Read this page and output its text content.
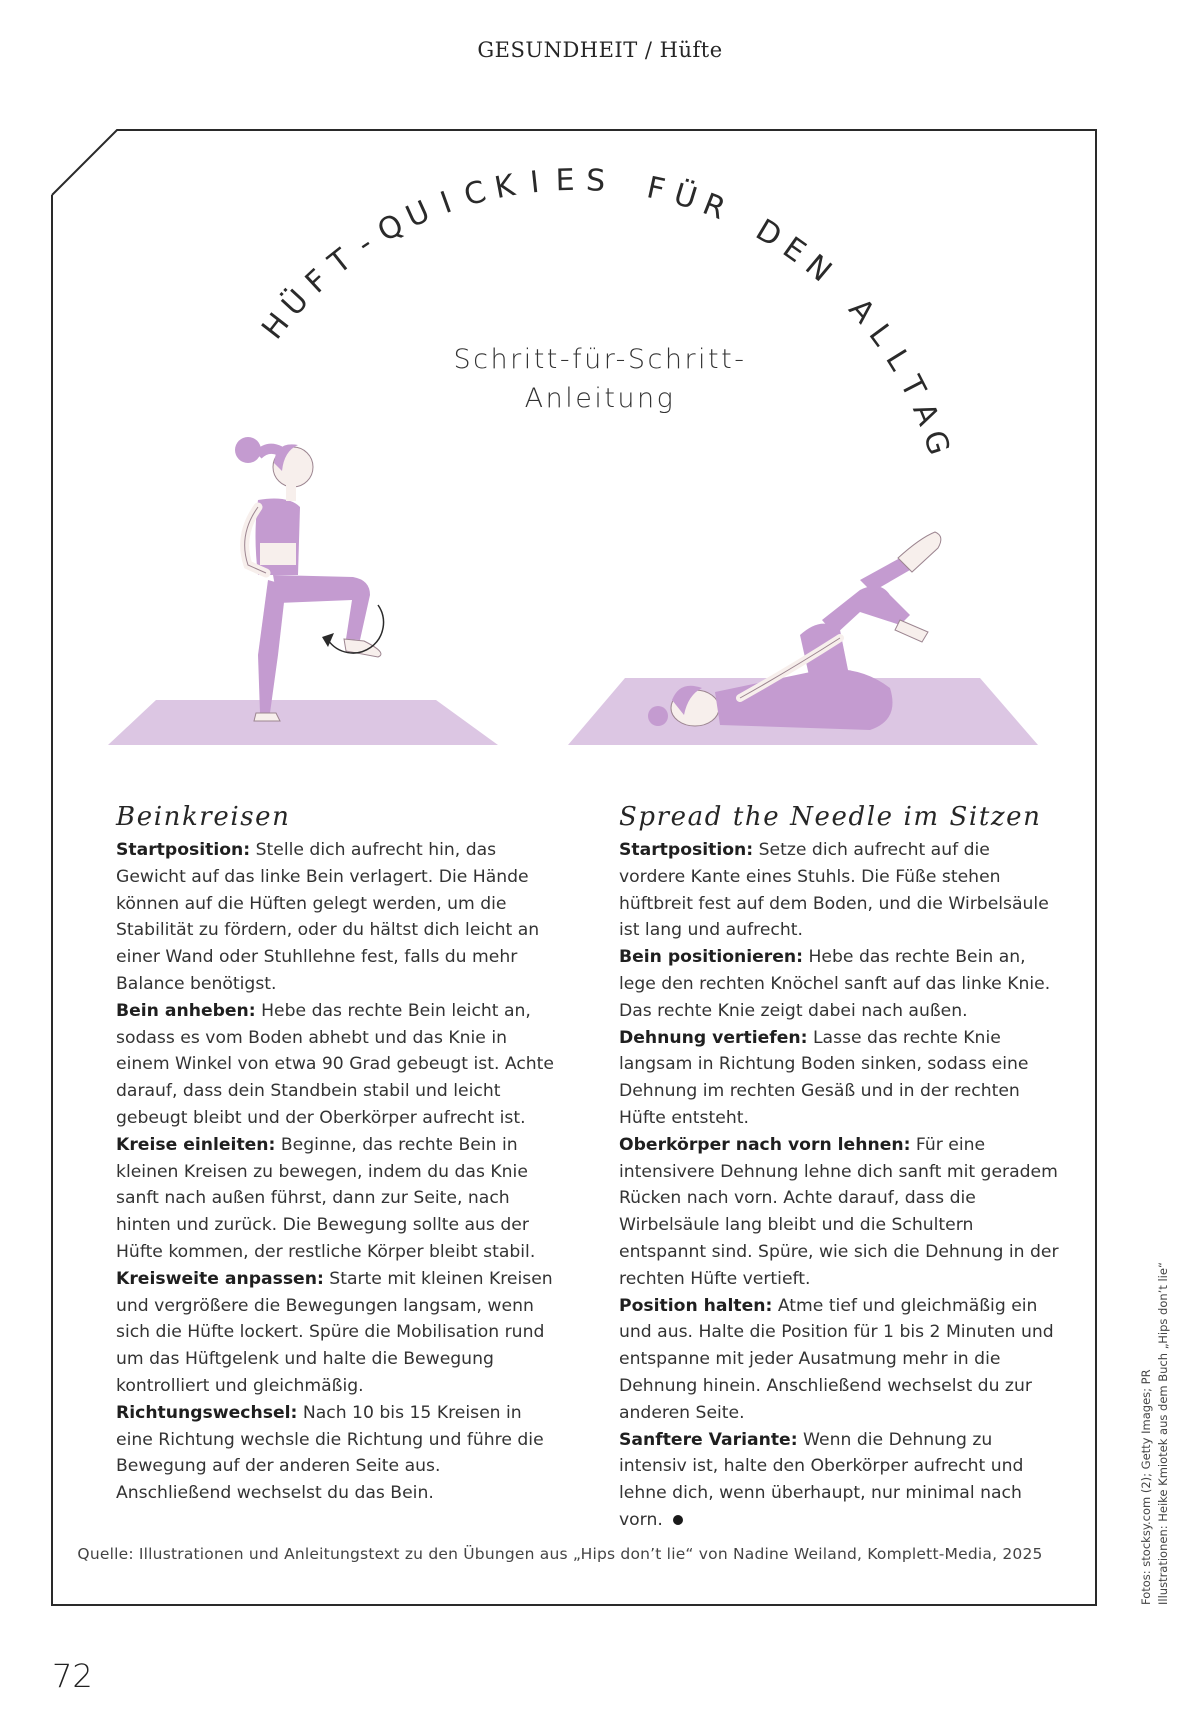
GESUNDHEIT / Hüfte
H
Ü
F
T
-
Q
U I C K I E S F Ü
R
D
E
N
A
L
L
T
A
G
Schritt-für-Schritt-
Anleitung
Beinkreisen

Startposition: Stelle dich aufrecht hin, das Gewicht auf das linke Bein verlagert. Die Hände können auf die Hüften gelegt werden, um die Stabilität zu fördern, oder du hältst dich leicht an einer Wand oder Stuhllehne fest, falls du mehr Balance benötigst.

Bein anheben: Hebe das rechte Bein leicht an, sodass es vom Boden abhebt und das Knie in einem Winkel von etwa 90 Grad gebeugt ist. Achte darauf, dass dein Standbein stabil und leicht gebeugt bleibt und der Oberkörper aufrecht ist.

Kreise einleiten: Beginne, das rechte Bein in kleinen Kreisen zu bewegen, indem du das Knie sanft nach außen führst, dann zur Seite, nach hinten und zurück. Die Bewegung sollte aus der Hüfte kommen, der restliche Körper bleibt stabil.

Kreisweite anpassen: Starte mit kleinen Kreisen und vergrößere die Bewegungen langsam, wenn sich die Hüfte lockert. Spüre die Mobilisation rund um das Hüftgelenk und halte die Bewegung kontrolliert und gleichmäßig.

Richtungswechsel: Nach 10 bis 15 Kreisen in eine Richtung wechsle die Richtung und führe die Bewegung auf der anderen Seite aus. Anschließend wechselst du das Bein.

Spread the Needle im Sitzen

Startposition: Setze dich aufrecht auf die vordere Kante eines Stuhls. Die Füße stehen hüftbreit fest auf dem Boden, und die Wirbelsäule ist lang und aufrecht.

Bein positionieren: Hebe das rechte Bein an, lege den rechten Knöchel sanft auf das linke Knie. Das rechte Knie zeigt dabei nach außen.

Dehnung vertiefen: Lasse das rechte Knie langsam in Richtung Boden sinken, sodass eine Dehnung im rechten Gesäß und in der rechten Hüfte entsteht.

Oberkörper nach vorn lehnen: Für eine intensivere Dehnung lehne dich sanft mit geradem Rücken nach vorn. Achte darauf, dass die Wirbelsäule lang bleibt und die Schultern entspannt sind. Spüre, wie sich die Dehnung in der rechten Hüfte vertieft.

Position halten: Atme tief und gleichmäßig ein und aus. Halte die Position für 1 bis 2 Minuten und entspanne mit jeder Ausatmung mehr in die Dehnung hinein. Anschließend wechselst du zur anderen Seite.

Sanftere Variante: Wenn die Dehnung zu intensiv ist, halte den Oberkörper aufrecht und lehne dich, wenn überhaupt, nur minimal nach vorn.

Quelle: Illustrationen und Anleitungstext zu den Übungen aus „Hips don’t lie“ von Nadine Weiland, Komplett-Media, 2025	Fotos: stocksy.com (2); Getty Images; PR Illustrationen: Heike Kmiotek aus dem Buch „Hips don’t lie“
72
